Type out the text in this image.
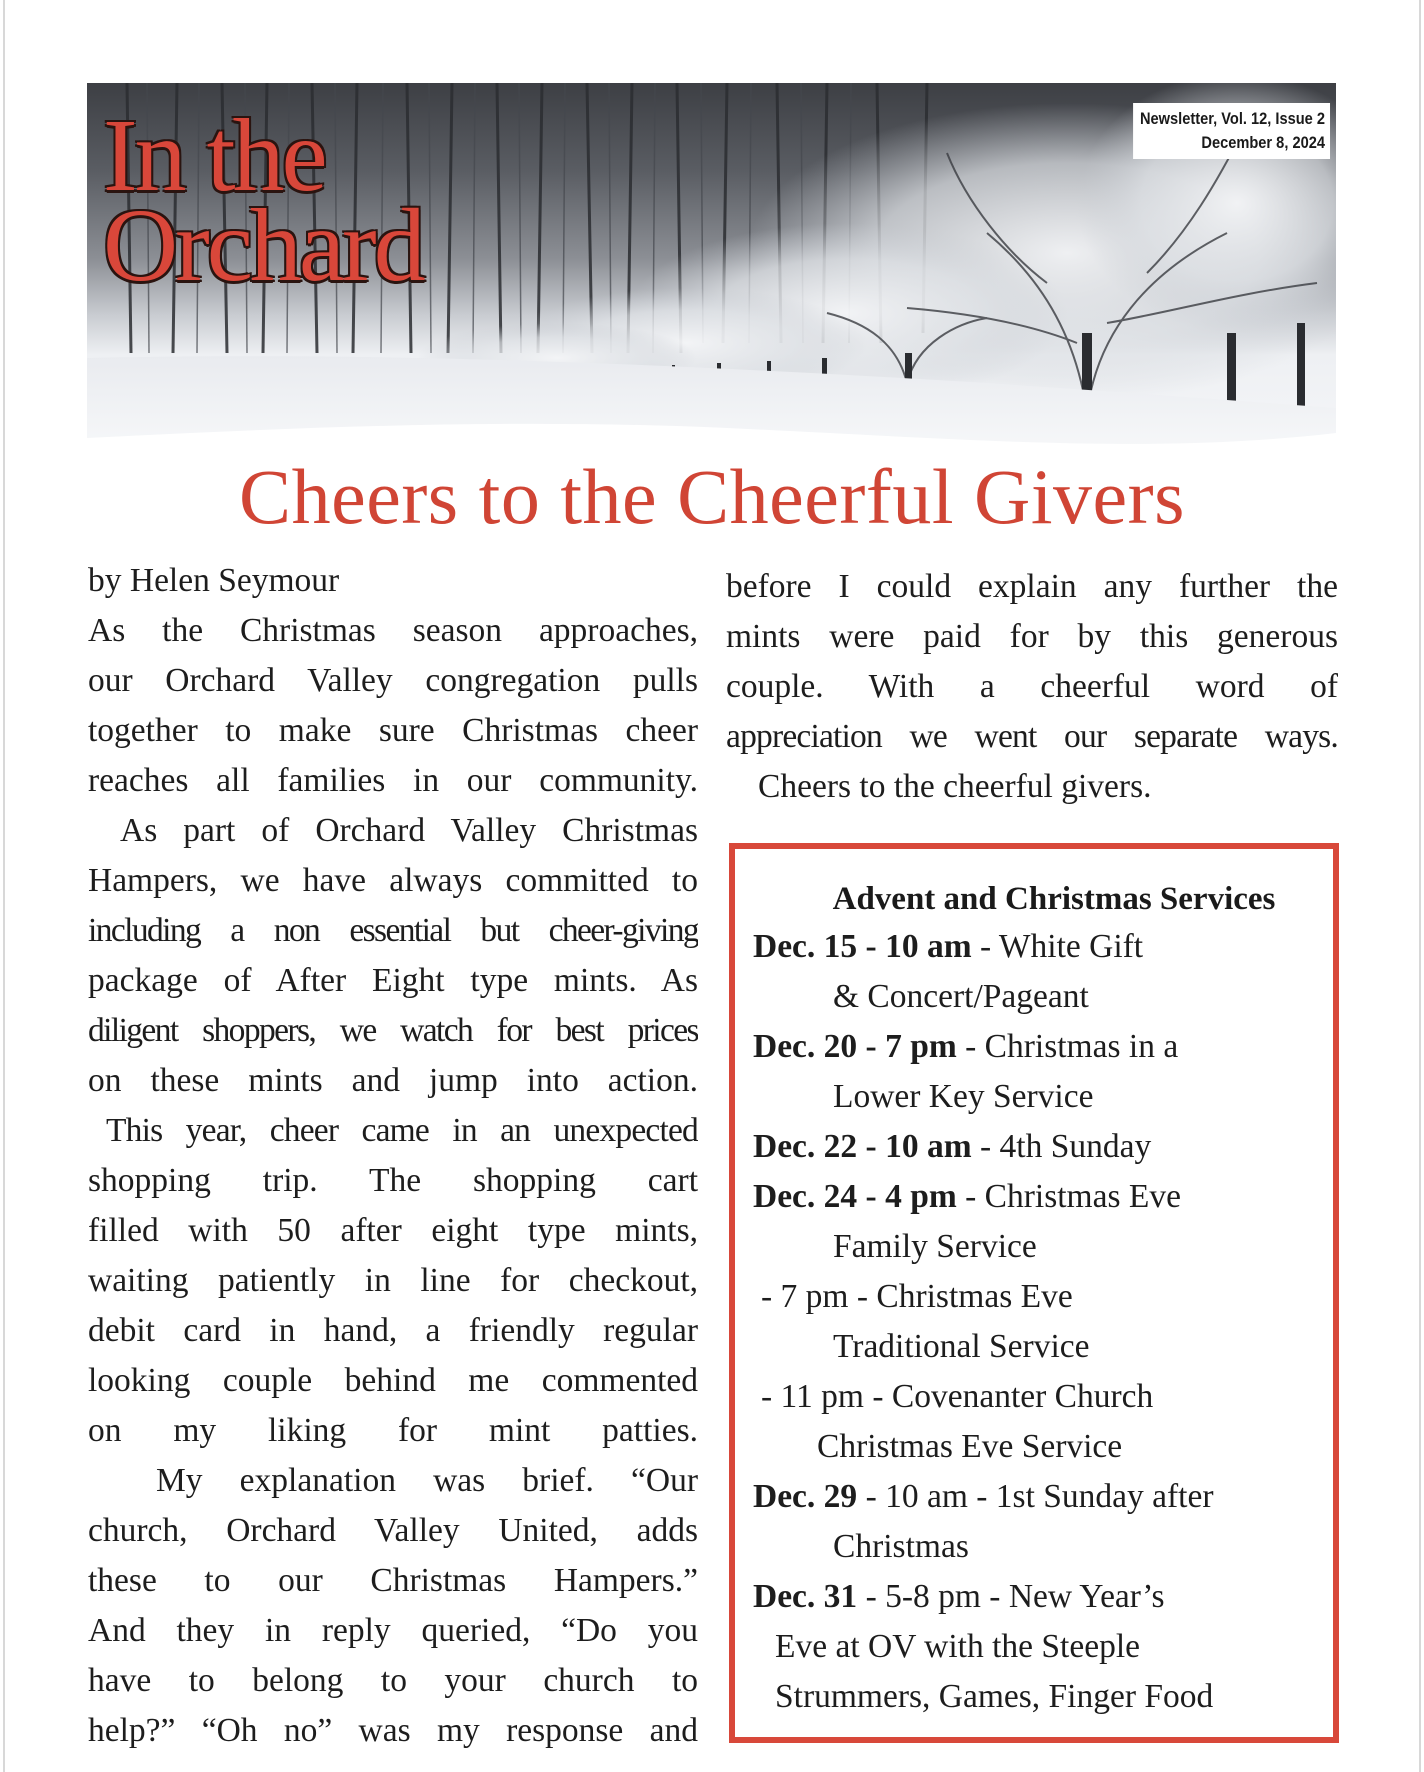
In the
Orchard
Newsletter, Vol. 12, Issue 2
December 8, 2024
Cheers to the Cheerful Givers
by Helen Seymour
As the Christmas season approaches,
our Orchard Valley congregation pulls
together to make sure Christmas cheer
reaches all families in our community.
As part of Orchard Valley Christmas
Hampers, we have always committed to
including a non essential but cheer-giving
package of After Eight type mints. As
diligent shoppers, we watch for best prices
on these mints and jump into action.
This year, cheer came in an unexpected
shopping trip. The shopping cart
filled with 50 after eight type mints,
waiting patiently in line for checkout,
debit card in hand, a friendly regular
looking couple behind me commented
on my liking for mint patties.
My explanation was brief. “Our
church, Orchard Valley United, adds
these to our Christmas Hampers.”
And they in reply queried, “Do you
have to belong to your church to
help?” “Oh no” was my response and
before I could explain any further the
mints were paid for by this generous
couple. With a cheerful word of
appreciation we went our separate ways.
Cheers to the cheerful givers.
Advent and Christmas Services
Dec. 15 - 10 am - White Gift
& Concert/Pageant
Dec. 20 - 7 pm - Christmas in a
Lower Key Service
Dec. 22 - 10 am - 4th Sunday
Dec. 24 - 4 pm - Christmas Eve
Family Service
- 7 pm - Christmas Eve
Traditional Service
- 11 pm - Covenanter Church
Christmas Eve Service
Dec. 29 - 10 am - 1st Sunday after
Christmas
Dec. 31 - 5-8 pm - New Year’s
Eve at OV with the Steeple
Strummers, Games, Finger Food
